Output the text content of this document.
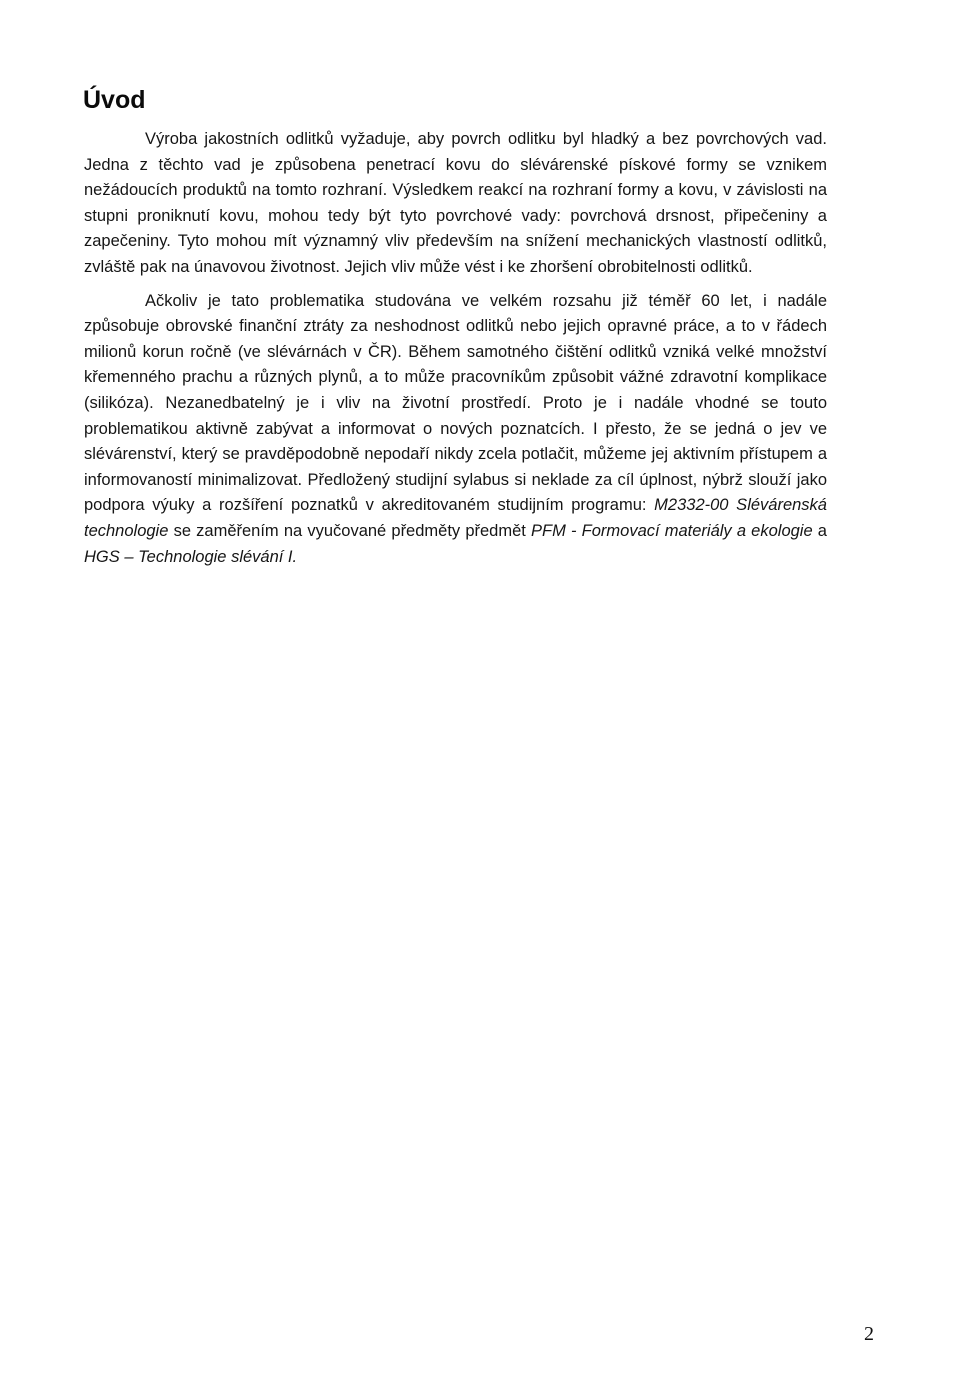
Úvod

Výroba jakostních odlitků vyžaduje, aby povrch odlitku byl hladký a bez povrchových vad. Jedna z těchto vad je způsobena penetrací kovu do slévárenské pískové formy se vznikem nežádoucích produktů na tomto rozhraní. Výsledkem reakcí na rozhraní formy a kovu, v závislosti na stupni proniknutí kovu, mohou tedy být tyto povrchové vady: povrchová drsnost, připečeniny a zapečeniny. Tyto mohou mít významný vliv především na snížení mechanických vlastností odlitků, zvláště pak na únavovou životnost. Jejich vliv může vést i ke zhoršení obrobitelnosti odlitků.

Ačkoliv je tato problematika studována ve velkém rozsahu již téměř 60 let, i nadále způsobuje obrovské finanční ztráty za neshodnost odlitků nebo jejich opravné práce, a to v řádech milionů korun ročně (ve slévárnách v ČR). Během samotného čištění odlitků vzniká velké množství křemenného prachu a různých plynů, a to může pracovníkům způsobit vážné zdravotní komplikace (silikóza). Nezanedbatelný je i vliv na životní prostředí. Proto je i nadále vhodné se touto problematikou aktivně zabývat a informovat o nových poznatcích. I přesto, že se jedná o jev ve slévárenství, který se pravděpodobně nepodaří nikdy zcela potlačit, můžeme jej aktivním přístupem a informovaností minimalizovat. Předložený studijní sylabus si neklade za cíl úplnost, nýbrž slouží jako podpora výuky a rozšíření poznatků v akreditovaném studijním programu: M2332-00 Slévárenská technologie se zaměřením na vyučované předměty předmět PFM - Formovací materiály a ekologie a HGS – Technologie slévání I.

2
